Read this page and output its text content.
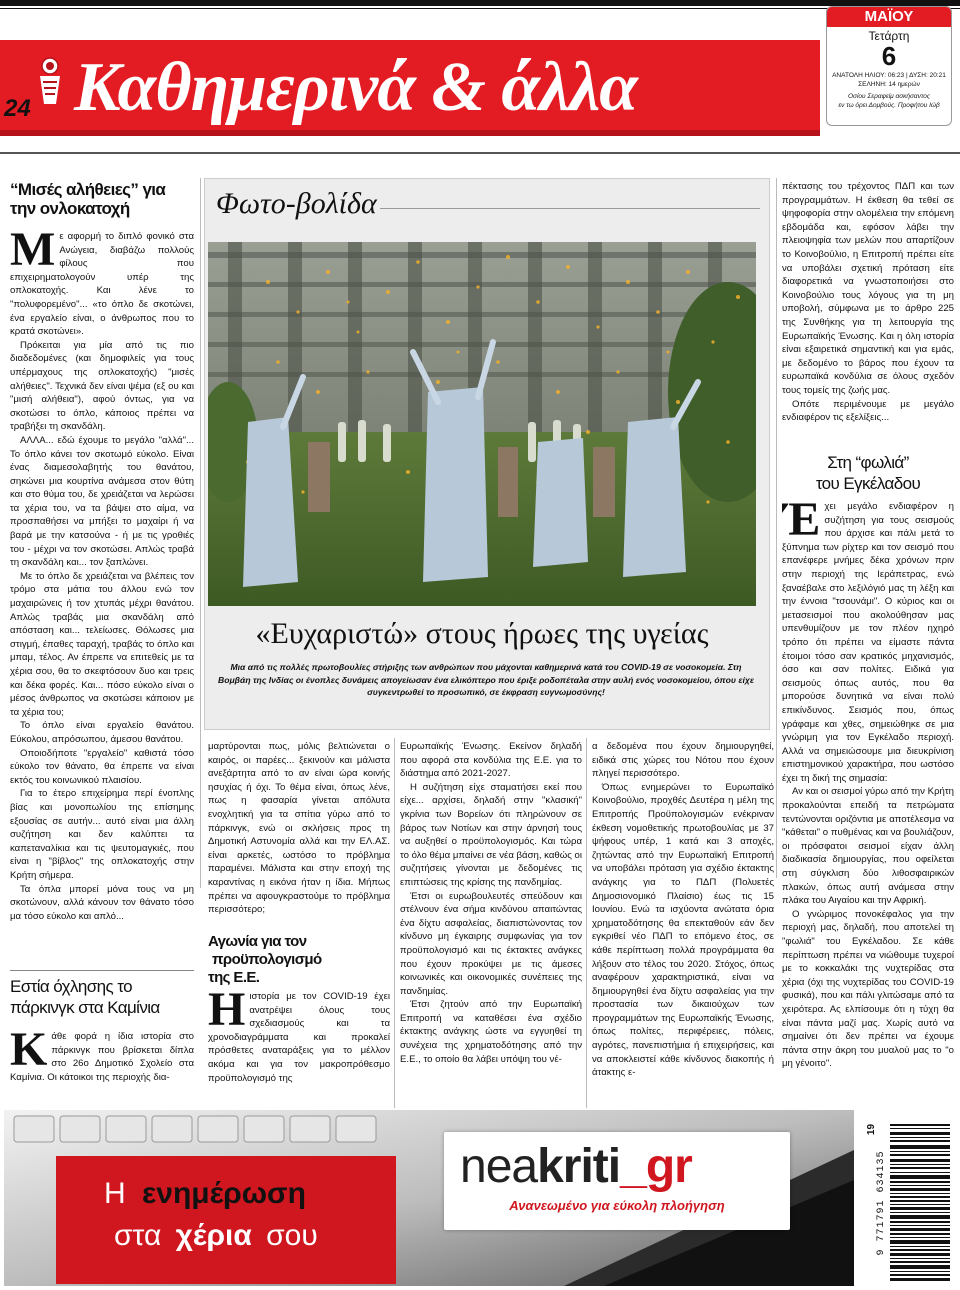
24 Καθημερινά & άλλα
ΜΑΪΟΥ
Τετάρτη
6
ΑΝΑΤΟΛΗ ΗΛΙΟΥ: 06:23 | ΔΥΣΗ: 20:21
ΣΕΛΗΝΗ: 14 ημερών
Οσίου Σεραφείμ ασκήσαντος
εν τω όρει Δομβούς. Προφήτου Ιώβ
“Μισές αλήθειες” για
την ονλοκατοχή
Μ ε αφορμή το διπλό φονικό στα Ανώγεια, διαβάζω πολλούς φίλους που επιχειρηματολογούν υπέρ της οπλοκατοχής. Και λένε το "πολυφορεμένο"... «το όπλο δε σκοτώνει, ένα εργαλείο είναι, ο άνθρωπος που το κρατά σκοτώνει».

Πρόκειται για μία από τις πιο διαδεδομένες (και δημοφιλείς για τους υπέρμαχους της οπλοκατοχής) "μισές αλήθειες". Τεχνικά δεν είναι ψέμα (εξ ου και "μισή αλήθεια"), αφού όντως, για να σκοτώσει το όπλο, κάποιος πρέπει να τραβήξει τη σκανδάλη.

ΑΛΛΑ... εδώ έχουμε το μεγάλο "αλλά"... Το όπλο κάνει τον σκοτωμό εύκολο. Είναι ένας διαμεσολαβητής του θανάτου, σηκώνει μια κουρτίνα ανάμεσα στον θύτη και στο θύμα του, δε χρειάζεται να λερώσει τα χέρια του, να τα βάψει στο αίμα, να προσπαθήσει να μπήξει το μαχαίρι ή να βαρά με την κατσούνα - ή με τις γροθιές του - μέχρι να τον σκοτώσει. Απλώς τραβά τη σκανδάλη και... τον ξαπλώνει.

Με το όπλο δε χρειάζεται να βλέπεις τον τρόμο στα μάτια του άλλου ενώ τον μαχαιρώνεις ή τον χτυπάς μέχρι θανάτου. Απλώς τραβάς μια σκανδάλη από απόσταση και... τελείωσες. Θόλωσες μια στιγμή, έπαθες ταραχή, τραβάς το όπλο και μπαμ, τέλος. Αν έπρεπε να επιτεθείς με τα χέρια σου, θα το σκεφτόσουν δυο και τρεις και δέκα φορές. Και... πόσο εύκολο είναι ο μέσος άνθρωπος να σκοτώσει κάποιον με τα χέρια του;

Το όπλο είναι εργαλείο θανάτου. Εύκολου, απρόσωπου, άμεσου θανάτου.

Οποιοδήποτε "εργαλείο" καθιστά τόσο εύκολο τον θάνατο, θα έπρεπε να είναι εκτός του κοινωνικού πλαισίου.

Για το έτερο επιχείρημα περί ένοπλης βίας και μονοπωλίου της επίσημης εξουσίας σε αυτήν... αυτό είναι μια άλλη συζήτηση και δεν καλύπτει τα καπεταναλίκια και τις ψευτομαγκιές, που είναι η "βίβλος" της οπλοκατοχής στην Κρήτη σήμερα.

Τα όπλα μπορεί μόνα τους να μη σκοτώνουν, αλλά κάνουν τον θάνατο τόσο μα τόσο εύκολο και απλό...

Εστία όχλησης το
πάρκινγκ στα Καμίνια
Κ άθε φορά η ίδια ιστορία στο πάρκινγκ που βρίσκεται δίπλα στο 26ο Δημοτικό Σχολείο στα Καμίνια. Οι κάτοικοι της περιοχής δια-
Φωτο-βολίδα
«Ευχαριστώ» στους ήρωες της υγείας
Μια από τις πολλές πρωτοβουλίες στήριξης των ανθρώπων που μάχονται καθημερινά κατά του COVID-19 σε νοσοκομεία. Στη Βομβάη της Ινδίας οι ένοπλες δυνάμεις απογείωσαν ένα ελικόπτερο που έριξε ροδοπέταλα στην αυλή ενός νοσοκομείου, όπου είχε συγκεντρωθεί το προσωπικό, σε έκφραση ευγνωμοσύνης!
μαρτύρονται πως, μόλις βελτιώνεται ο καιρός, οι παρέες... ξεκινούν και μάλιστα ανεξάρτητα από το αν είναι ώρα κοινής ησυχίας ή όχι. Το θέμα είναι, όπως λένε, πως η φασαρία γίνεται απόλυτα ενοχλητική για τα σπίτια γύρω από το πάρκινγκ, ενώ οι σκλήσεις προς τη Δημοτική Αστυνομία αλλά και την ΕΛ.ΑΣ. είναι αρκετές, ωστόσο το πρόβλημα παραμένει. Μάλιστα και στην εποχή της καραντίνας η εικόνα ήταν η ίδια. Μήπως πρέπει να αφουγκραστούμε το πρόβλημα περισσότερο;
Αγωνία για τον
προϋπολογισμό
της Ε.Ε.
Η ιστορία με τον COVID-19 έχει ανατρέψει όλους τους σχεδιασμούς και τα χρονοδιαγράμματα και προκαλεί πρόσθετες αναταράξεις για το μέλλον ακόμα και για τον μακροπρόθεσμο προϋπολογισμό της

Ευρωπαϊκής Ένωσης. Εκείνον δηλαδή που αφορά στα κονδύλια της Ε.Ε. για το διάστημα από 2021-2027.

Η συζήτηση είχε σταματήσει εκεί που είχε... αρχίσει, δηλαδή στην "κλασική" γκρίνια των Βορείων ότι πληρώνουν σε βάρος των Νοτίων και στην άρνησή τους να αυξηθεί ο προϋπολογισμός. Και τώρα το όλο θέμα μπαίνει σε νέα βάση, καθώς οι συζητήσεις γίνονται με δεδομένες τις επιπτώσεις της κρίσης της πανδημίας.

Έτσι οι ευρωβουλευτές σπεύδουν και στέλνουν ένα σήμα κινδύνου απαιτώντας ένα δίχτυ ασφαλείας, διαπιστώνοντας τον κίνδυνο μη έγκαιρης συμφωνίας για τον προϋπολογισμό και τις έκτακτες ανάγκες που έχουν προκύψει με τις άμεσες κοινωνικές και οικονομικές συνέπειες της πανδημίας.

Έτσι ζητούν από την Ευρωπαϊκή Επιτροπή να καταθέσει ένα σχέδιο έκτακτης ανάγκης ώστε να εγγυηθεί τη συνέχεια της χρηματοδότησης από την Ε.Ε., το οποίο θα λάβει υπόψη του νέ-

α δεδομένα που έχουν δημιουργηθεί, ειδικά στις χώρες του Νότου που έχουν πληγεί περισσότερο.

Όπως ενημερώνει το Ευρωπαϊκό Κοινοβούλιο, προχθές Δευτέρα η μέλη της Επιτροπής Προϋπολογισμών ενέκριναν έκθεση νομοθετικής πρωτοβουλίας με 37 ψήφους υπέρ, 1 κατά και 3 αποχές, ζητώντας από την Ευρωπαϊκή Επιτροπή να υποβάλει πρόταση για σχέδιο έκτακτης ανάγκης για το ΠΔΠ (Πολυετές Δημοσιονομικό Πλαίσιο) έως τις 15 Ιουνίου. Ενώ τα ισχύοντα ανώτατα όρια χρηματοδότησης θα επεκταθούν εάν δεν εγκριθεί νέο ΠΔΠ το επόμενο έτος, σε κάθε περίπτωση πολλά προγράμματα θα λήξουν στο τέλος του 2020. Στόχος, όπως αναφέρουν χαρακτηριστικά, είναι να δημιουργηθεί ένα δίχτυ ασφαλείας για την προστασία των δικαιούχων των προγραμμάτων της Ευρωπαϊκής Ένωσης, όπως πολίτες, περιφέρειες, πόλεις, αγρότες, πανεπιστήμια ή επιχειρήσεις, και να αποκλειστεί κάθε κίνδυνος διακοπής ή άτακτης ε-

πέκτασης του τρέχοντος ΠΔΠ και των προγραμμάτων. Η έκθεση θα τεθεί σε ψηφοφορία στην ολομέλεια την επόμενη εβδομάδα και, εφόσον λάβει την πλειοψηφία των μελών που απαρτίζουν το Κοινοβούλιο, η Επιτροπή πρέπει είτε να υποβάλει σχετική πρόταση είτε διαφορετικά να γνωστοποιήσει στο Κοινοβούλιο τους λόγους για τη μη υποβολή, σύμφωνα με το άρθρο 225 της Συνθήκης για τη λειτουργία της Ευρωπαϊκής Ένωσης. Και η όλη ιστορία είναι εξαιρετικά σημαντική και για εμάς, με δεδομένο το βάρος που έχουν τα ευρωπαϊκά κονδύλια σε όλους σχεδόν τους τομείς της ζωής μας.

Οπότε περιμένουμε με μεγάλο ενδιαφέρον τις εξελίξεις...

Στη “φωλιά”
του Εγκέλαδου
Έ χει μεγάλο ενδιαφέρον η συζήτηση για τους σεισμούς που άρχισε και πάλι μετά το ξύπνημα των ρίχτερ και τον σεισμό που επανέφερε μνήμες δέκα χρόνων πριν στην περιοχή της Ιεράπετρας, ενώ ξαναέβαλε στο λεξιλόγιό μας τη λέξη και την έννοια "τσουνάμι". Ο κύριος και οι μετασεισμοί που ακολούθησαν μας υπενθυμίζουν με τον πλέον ηχηρό τρόπο ότι πρέπει να είμαστε πάντα έτοιμοι τόσο σαν κρατικός μηχανισμός, όσο και σαν πολίτες. Ειδικά για σεισμούς όπως αυτός, που θα μπορούσε δυνητικά να είναι πολύ επικίνδυνος. Σεισμός που, όπως γράφαμε και χθες, σημειώθηκε σε μια γνώριμη για τον Εγκέλαδο περιοχή. Αλλά να σημειώσουμε μια διευκρίνιση επιστημονικού χαρακτήρα, που ωστόσο έχει τη δική της σημασία:

Αν και οι σεισμοί γύρω από την Κρήτη προκαλούνται επειδή τα πετρώματα τεντώνονται οριζόντια με αποτέλεσμα να "κάθεται" ο πυθμένας και να βουλιάζουν, οι πρόσφατοι σεισμοί είχαν άλλη διαδικασία δημιουργίας, που οφείλεται στη σύγκλιση δύο λιθοσφαιρικών πλακών, όπως αυτή ανάμεσα στην πλάκα του Αιγαίου και την Αφρική.

Ο γνώριμος πονοκέφαλος για την περιοχή μας, δηλαδή, που αποτελεί τη "φωλιά" του Εγκέλαδου. Σε κάθε περίπτωση πρέπει να νιώθουμε τυχεροί με το κοκκαλάκι της νυχτερίδας στα χέρια (όχι της νυχτερίδας του COVID-19 φυσικά), που και πάλι γλιτώσαμε από τα χειρότερα. Ας ελπίσουμε ότι η τύχη θα είναι πάντα μαζί μας. Χωρίς αυτό να σημαίνει ότι δεν πρέπει να έχουμε πάντα στην άκρη του μυαλού μας το "ο μη γένοιτο".

Η ενημέρωση
στα χέρια σου
neakriti_gr
Ανανεωμένο για εύκολη πλοήγηση	9 771791 634135
19
